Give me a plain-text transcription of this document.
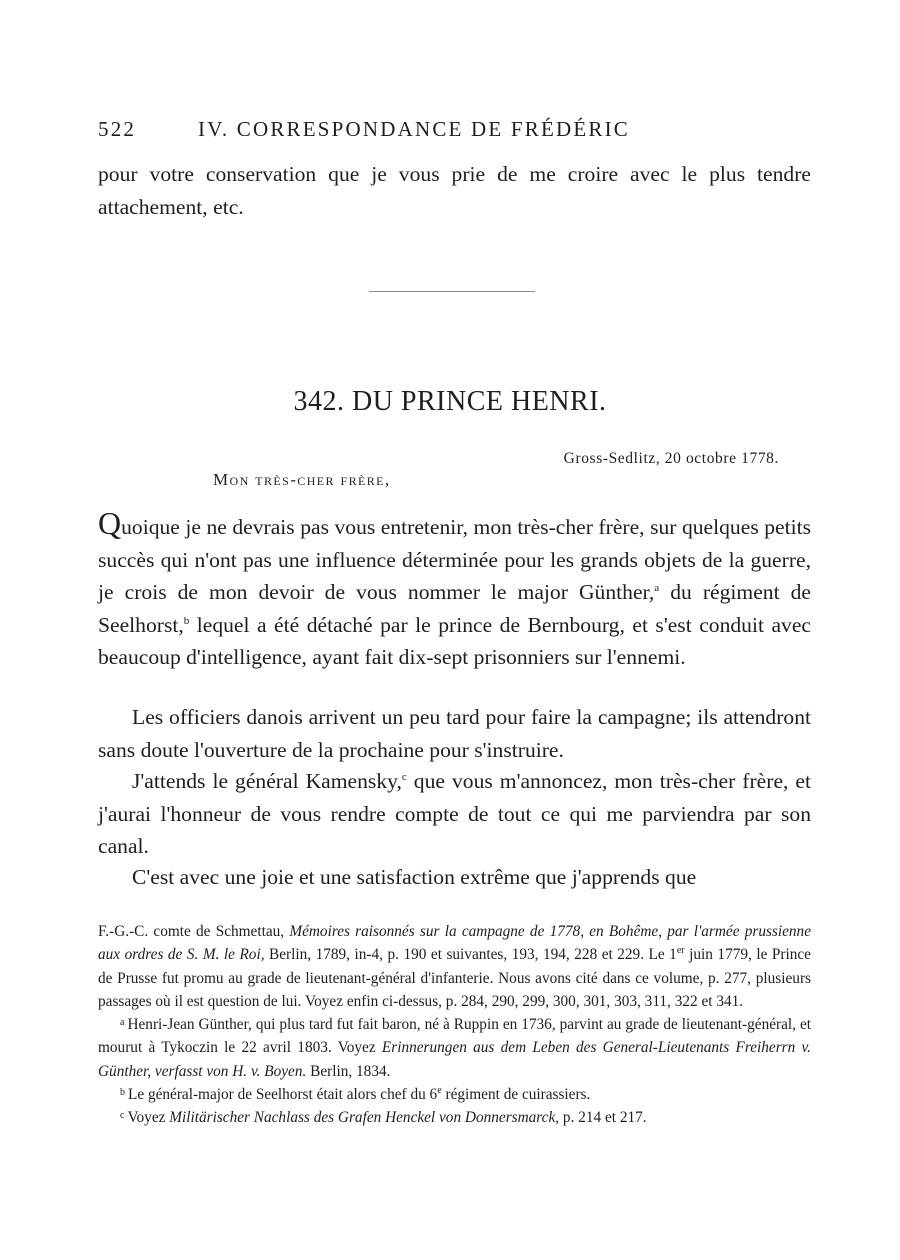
522	IV. CORRESPONDANCE DE FRÉDÉRIC
pour votre conservation que je vous prie de me croire avec le plus tendre attachement, etc.
342. DU PRINCE HENRI.
Gross-Sedlitz, 20 octobre 1778.
Mon très-cher frère,
Quoique je ne devrais pas vous entretenir, mon très-cher frère, sur quelques petits succès qui n'ont pas une influence déterminée pour les grands objets de la guerre, je crois de mon devoir de vous nommer le major Günther,$^a$ du régiment de Seelhorst,$^b$ lequel a été détaché par le prince de Bernbourg, et s'est conduit avec beaucoup d'intelligence, ayant fait dix-sept prisonniers sur l'ennemi.
Les officiers danois arrivent un peu tard pour faire la campagne; ils attendront sans doute l'ouverture de la prochaine pour s'instruire.
J'attends le général Kamensky,$^c$ que vous m'annoncez, mon très-cher frère, et j'aurai l'honneur de vous rendre compte de tout ce qui me parviendra par son canal.
C'est avec une joie et une satisfaction extrême que j'apprends que

F.-G.-C. comte de Schmettau, Mémoires raisonnés sur la campagne de 1778, en Bohême, par l'armée prussienne aux ordres de S. M. le Roi, Berlin, 1789, in-4, p. 190 et suivantes, 193, 194, 228 et 229. Le 1er juin 1779, le Prince de Prusse fut promu au grade de lieutenant-général d'infanterie. Nous avons cité dans ce volume, p. 277, plusieurs passages où il est question de lui. Voyez enfin ci-dessus, p. 284, 290, 299, 300, 301, 303, 311, 322 et 341.

$^a$ Henri-Jean Günther, qui plus tard fut fait baron, né à Ruppin en 1736, parvint au grade de lieutenant-général, et mourut à Tykoczin le 22 avril 1803. Voyez Erinnerungen aus dem Leben des General-Lieutenants Freiherrn v. Günther, verfasst von H. v. Boyen. Berlin, 1834.

$^b$ Le général-major de Seelhorst était alors chef du 6e régiment de cuirassiers.

$^c$ Voyez Militärischer Nachlass des Grafen Henckel von Donnersmarck, p. 214 et 217.
